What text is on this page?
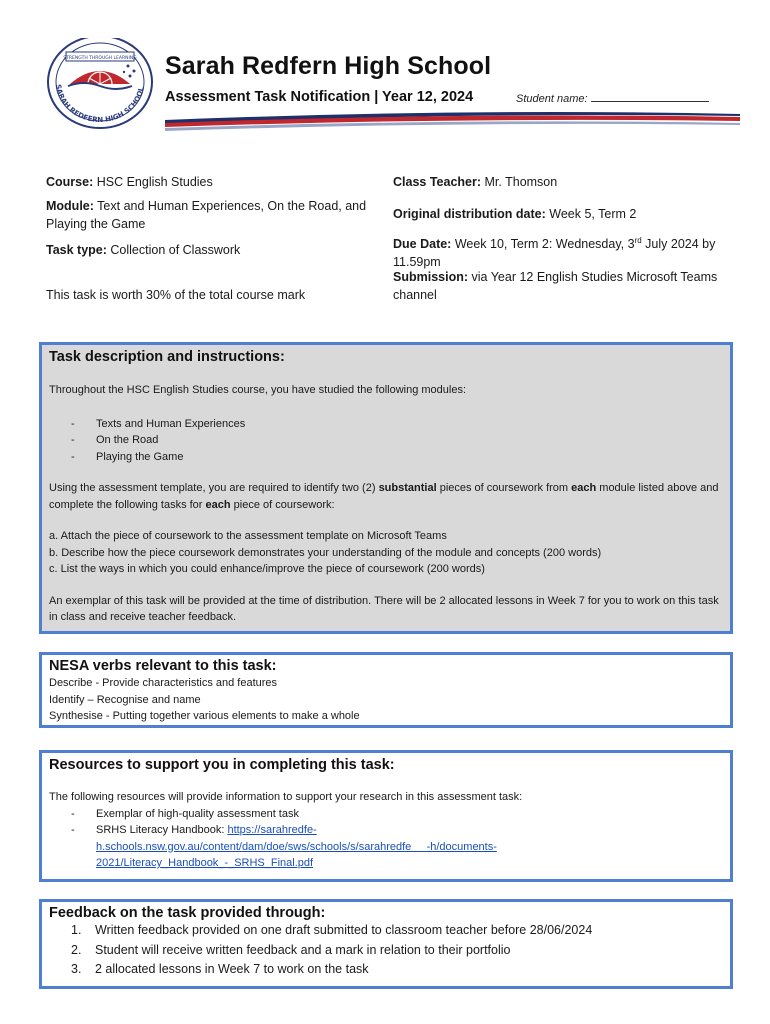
SARAH REDFERN HIGH SCHOOL
STRENGTH THROUGH LEARNING Sarah Redfern High School
Assessment Task Notification | Year 12, 2024	Student name:
Course: HSC English Studies
Module: Text and Human Experiences, On the Road, and Playing the Game
Task type: Collection of Classwork
This task is worth 30% of the total course mark
Class Teacher: Mr. Thomson
Original distribution date: Week 5, Term 2
Due Date: Week 10, Term 2: Wednesday, 3rd July 2024 by 11.59pm
Submission: via Year 12 English Studies Microsoft Teams channel
Task description and instructions:
Throughout the HSC English Studies course, you have studied the following modules:
- Texts and Human Experiences
- On the Road
- Playing the Game
Using the assessment template, you are required to identify two (2) substantial pieces of coursework from each module listed above and complete the following tasks for each piece of coursework:
a. Attach the piece of coursework to the assessment template on Microsoft Teams
b. Describe how the piece coursework demonstrates your understanding of the module and concepts (200 words)
c. List the ways in which you could enhance/improve the piece of coursework (200 words)
An exemplar of this task will be provided at the time of distribution. There will be 2 allocated lessons in Week 7 for you to work on this task in class and receive teacher feedback.
NESA verbs relevant to this task:
Describe - Provide characteristics and features
Identify – Recognise and name
Synthesise - Putting together various elements to make a whole
Resources to support you in completing this task:
The following resources will provide information to support your research in this assessment task:
- Exemplar of high-quality assessment task
- SRHS Literacy Handbook: https://sarahredfe-
h.schools.nsw.gov.au/content/dam/doe/sws/schools/s/sarahredfe     -h/documents-
2021/Literacy_Handbook_-_SRHS_Final.pdf
Feedback on the task provided through:
1. Written feedback provided on one draft submitted to classroom teacher before 28/06/2024
2. Student will receive written feedback and a mark in relation to their portfolio
3. 2 allocated lessons in Week 7 to work on the task
